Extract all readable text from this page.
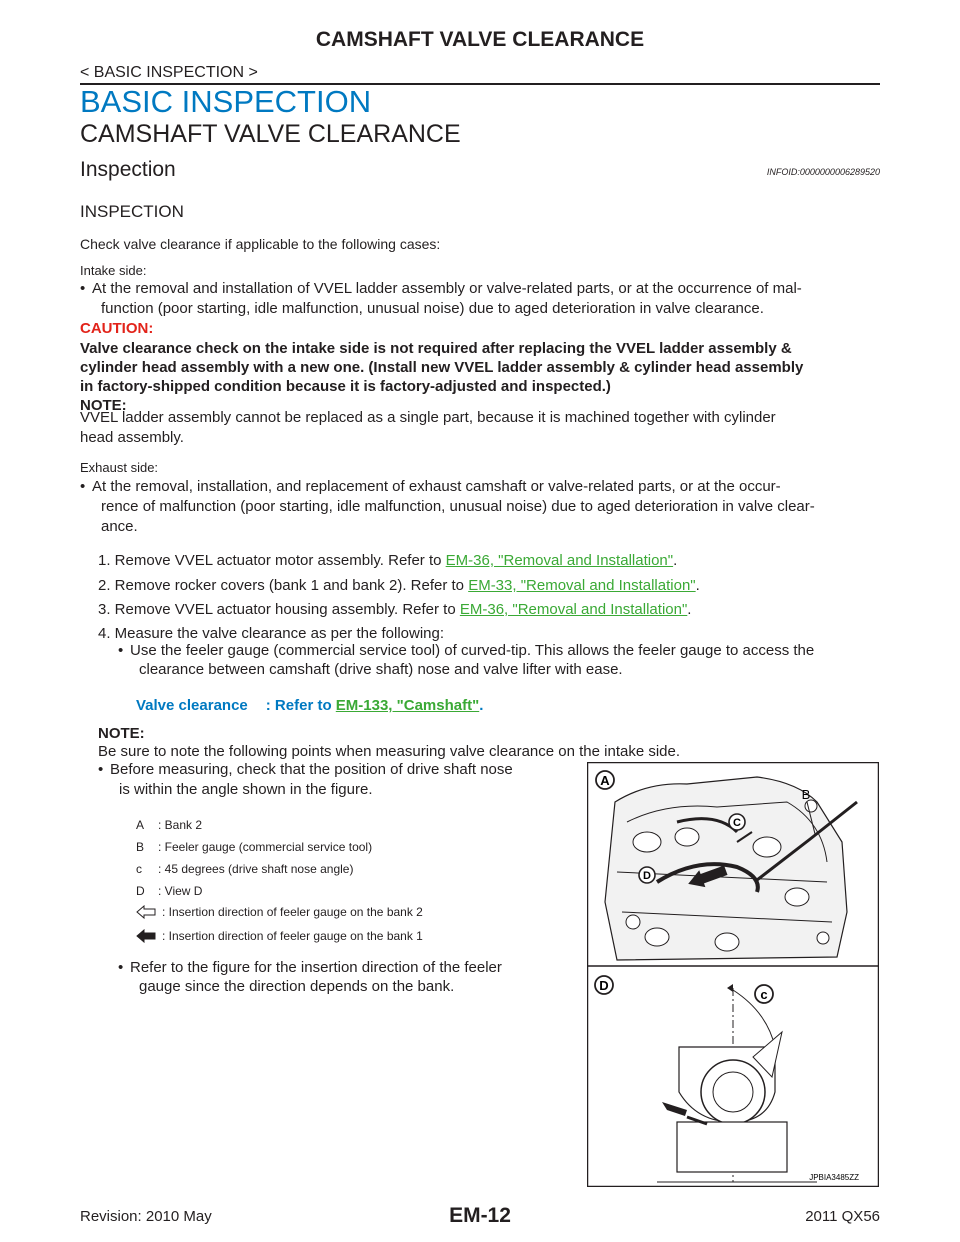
CAMSHAFT VALVE CLEARANCE
< BASIC INSPECTION >
BASIC INSPECTION
CAMSHAFT VALVE CLEARANCE
Inspection	INFOID:0000000006289520
INSPECTION
Check valve clearance if applicable to the following cases:
Intake side:
• At the removal and installation of VVEL ladder assembly or valve-related parts, or at the occurrence of mal-
function (poor starting, idle malfunction, unusual noise) due to aged deterioration in valve clearance.
CAUTION:
Valve clearance check on the intake side is not required after replacing the VVEL ladder assembly &
cylinder head assembly with a new one. (Install new VVEL ladder assembly & cylinder head assembly
in factory-shipped condition because it is factory-adjusted and inspected.)
NOTE:
VVEL ladder assembly cannot be replaced as a single part, because it is machined together with cylinder
head assembly.
Exhaust side:
• At the removal, installation, and replacement of exhaust camshaft or valve-related parts, or at the occur-
rence of malfunction (poor starting, idle malfunction, unusual noise) due to aged deterioration in valve clear-
ance.
1. Remove VVEL actuator motor assembly. Refer to EM-36, "Removal and Installation".
2. Remove rocker covers (bank 1 and bank 2). Refer to EM-33, "Removal and Installation".
3. Remove VVEL actuator housing assembly. Refer to EM-36, "Removal and Installation".
4. Measure the valve clearance as per the following:
• Use the feeler gauge (commercial service tool) of curved-tip. This allows the feeler gauge to access the
clearance between camshaft (drive shaft) nose and valve lifter with ease.
Valve clearance : Refer to EM-133, "Camshaft".
NOTE:
Be sure to note the following points when measuring valve clearance on the intake side.
• Before measuring, check that the position of drive shaft nose
is within the angle shown in the figure.
A	: Bank 2
B	: Feeler gauge (commercial service tool)
c	: 45 degrees (drive shaft nose angle)
D	: View D
: Insertion direction of feeler gauge on the bank 2
: Insertion direction of feeler gauge on the bank 1
• Refer to the figure for the insertion direction of the feeler
gauge since the direction depends on the bank.
A
B
C
D
D
c
JPBIA3485ZZ
Revision: 2010 May	EM-12	2011 QX56
